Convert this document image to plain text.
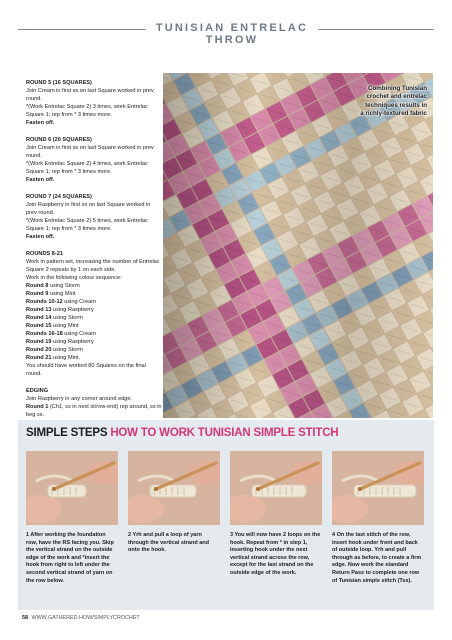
TUNISIAN ENTRELAC THROW
ROUND 5 (16 SQUARES)
Join Cream in first ss on last Square worked in prev round.
*(Work Entrelac Square 2) 3 times, work Entrelac Square 1; rep from * 3 times more.
Fasten off.
ROUND 6 (20 SQUARES)
Join Cream in first ss on last Square worked in prev round.
*(Work Entrelac Square 2) 4 times, work Entrelac Square 1; rep from * 3 times more.
Fasten off.
ROUND 7 (24 SQUARES)
Join Raspberry in first ss on last Square worked in prev round.
*(Work Entrelac Square 2) 5 times, work Entrelac Square 1; rep from * 3 times more.
Fasten off.
ROUNDS 8-21
Work in pattern set, increasing the number of Entrelac Square 2 repeats by 1 on each side.
Work in the following colour sequence:
Round 8 using Storm
Round 9 using Mint
Rounds 10-12 using Cream
Round 13 using Raspberry
Round 14 using Storm
Round 15 using Mint
Rounds 16-18 using Cream
Round 19 using Raspberry
Round 20 using Storm
Round 21 using Mint.
You should have worked 80 Squares on the final round.
EDGING
Join Raspberry in any corner around edge.
Round 1 (Ch1, ss in next st/row-end) rep around, ss in beg ss.
Combining Tunisian
crochet and entrelac
techniques results in
a richly-textured fabric
SIMPLE STEPS HOW TO WORK TUNISIAN SIMPLE STITCH
1 After working the foundation row, have the RS facing you. Skip the vertical strand on the outside edge of the work and *insert the hook from right to left under the second vertical strand of yarn on the row below.
2 Yrh and pull a loop of yarn through the vertical strand and onto the hook.
3 You will now have 2 loops on the hook. Repeat from * in step 1, inserting hook under the next vertical strand across the row, except for the last strand on the outside edge of the work.
4 On the last stitch of the row, insert hook under front and back of outside loop. Yrh and pull through as before, to create a firm edge. Now work the standard Return Pass to complete one row of Tunisian simple stitch (Tss).
58 WWW.GATHERED.HOW/SIMPLYCROCHET
